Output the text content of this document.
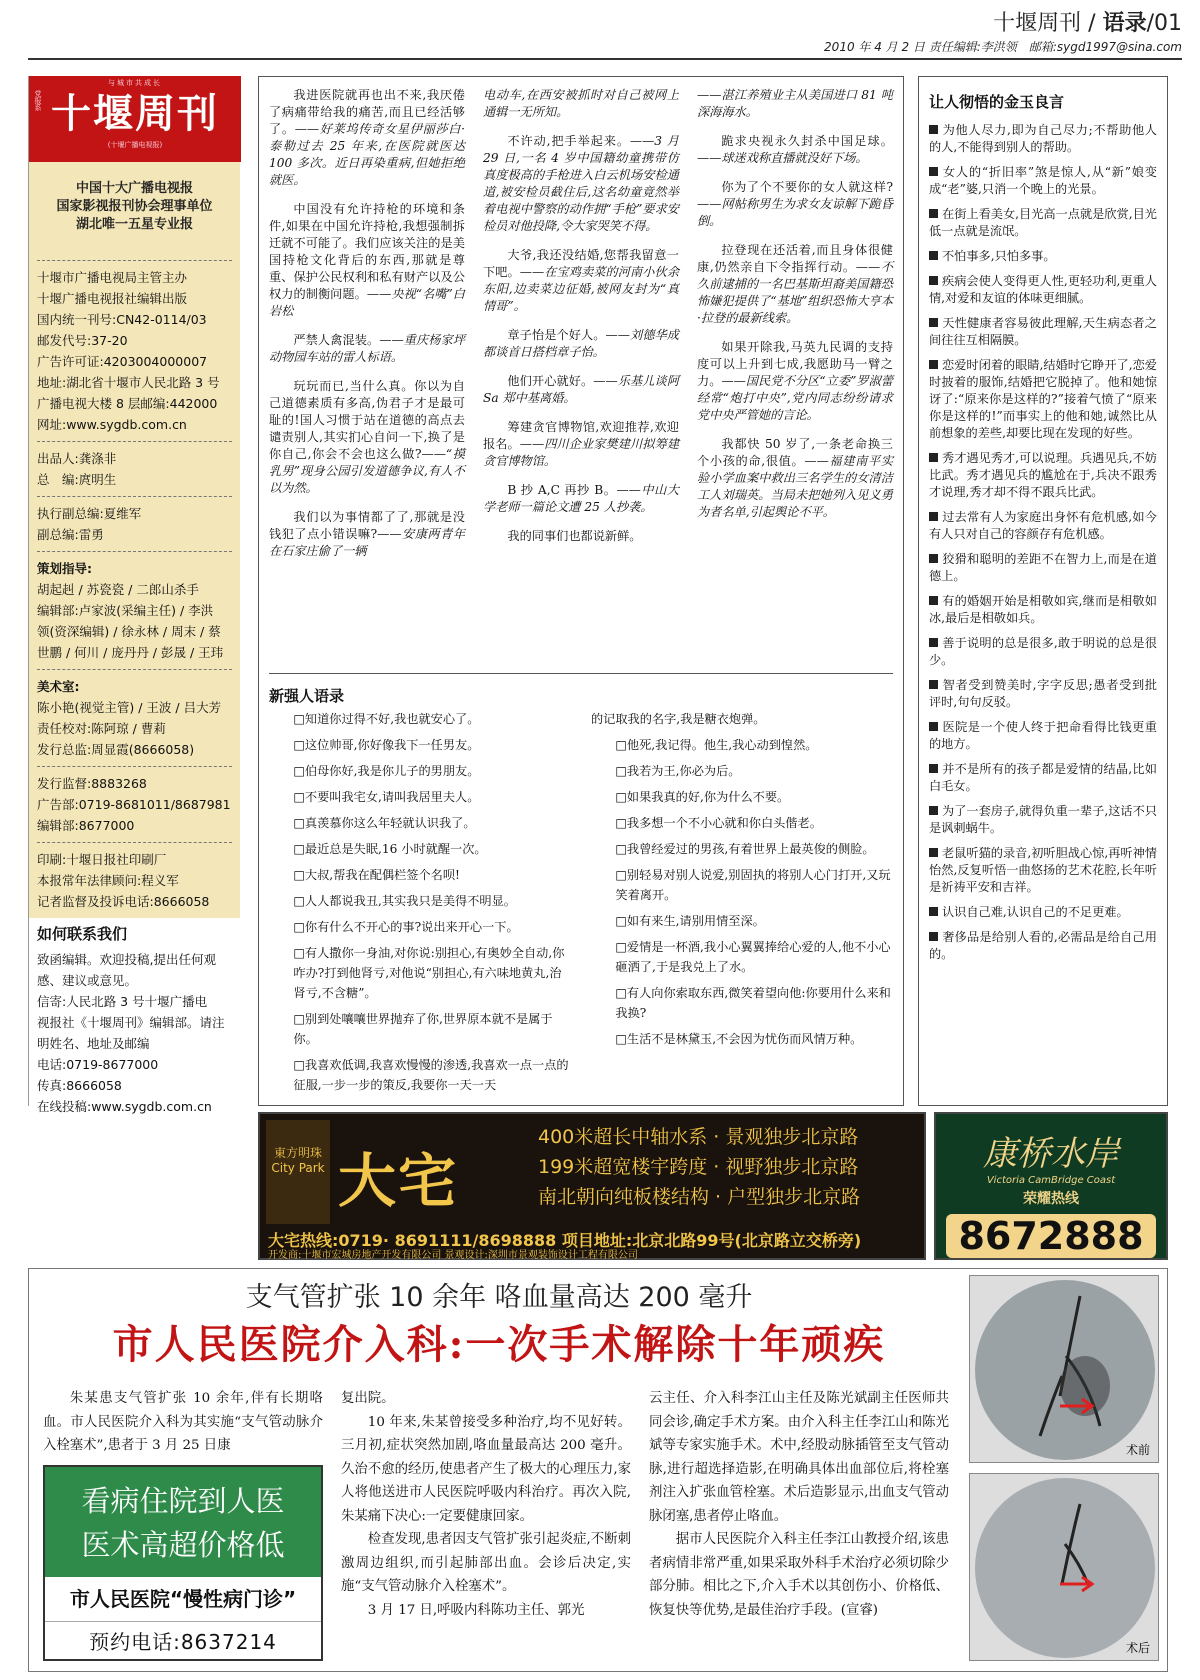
十堰周刊 / 语录/01
2010 年 4 月 2 日 责任编辑:李洪领　 邮箱:sygd1997@sina.com
与城市共成长
党报系 十堰周刊
(十堰广播电视报)
中国十大广播电视报
国家影视报刊协会理事单位
湖北唯一五星专业报
十堰市广播电视局主管主办
十堰广播电视报社编辑出版
国内统一刊号:CN42-0114/03
邮发代号:37-20
广告许可证:4203004000007
地址:湖北省十堰市人民北路 3 号
广播电视大楼 8 层邮编:442000
网址:www.sygdb.com.cn
出品人:龚涤非
总　编:庹明生
执行副总编:夏维军
副总编:雷勇
策划指导:
胡起赳 / 苏瓷瓷 / 二郎山杀手
编辑部:卢家波(采编主任) / 李洪
领(资深编辑) / 徐永林 / 周末 / 蔡
世鹏 / 何川 / 庞丹丹 / 彭晟 / 王玮
美术室:
陈小艳(视觉主管) / 王波 / 吕大芳
责任校对:陈阿琼 / 曹莉
发行总监:周显霞(8666058)
发行监督:8883268
广告部:0719-8681011/8687981
编辑部:8677000
印刷:十堰日报社印刷厂
本报常年法律顾问:程义军
记者监督及投诉电话:8666058
如何联系我们
致函编辑。欢迎投稿,提出任何观
感、建议或意见。
信寄:人民北路 3 号十堰广播电
视报社《十堰周刊》编辑部。请注
明姓名、地址及邮编
电话:0719-8677000
传真:8666058
在线投稿:www.sygdb.com.cn

我进医院就再也出不来,我厌倦了病痛带给我的痛苦,而且已经活够了。——好莱坞传奇女星伊丽莎白·泰勒过去 25 年来,在医院就医达 100 多次。近日再染重病,但她拒绝就医。

中国没有允许持枪的环境和条件,如果在中国允许持枪,我想强制拆迁就不可能了。我们应该关注的是美国持枪文化背后的东西,那就是尊重、保护公民权利和私有财产以及公权力的制衡问题。——央视“名嘴”白岩松

严禁人禽混装。——重庆杨家坪动物园车站的雷人标语。

玩玩而已,当什么真。你以为自己道德素质有多高,伪君子才是最可耻的!国人习惯于站在道德的高点去谴责别人,其实扪心自问一下,换了是你自己,你会不会也这么做?——“摸乳男”现身公园引发道德争议,有人不以为然。

我们以为事情都了了,那就是没钱犯了点小错误嘛?——安康两青年在石家庄偷了一辆

电动车,在西安被抓时对自己被网上通辑一无所知。

不许动,把手举起来。——3 月 29 日,一名 4 岁中国籍幼童携带仿真度极高的手枪进入白云机场安检通道,被安检员截住后,这名幼童竟然举着电视中警察的动作拥“手枪”要求安检员对他投降,令大家哭笑不得。

大爷,我还没结婚,您帮我留意一下吧。——在宝鸡卖菜的河南小伙余东阳,边卖菜边征婚,被网友封为“真情哥”。

章子怡是个好人。——刘德华成都谈首日搭档章子怡。

他们开心就好。——乐基儿谈阿 Sa 郑中基离婚。

筹建贪官博物馆,欢迎推荐,欢迎报名。——四川企业家樊建川拟筹建贪官博物馆。

B 抄 A,C 再抄 B。——中山大学老师一篇论文遭 25 人抄袭。

我的同事们也都说新鲜。

——湛江养殖业主从美国进口 81 吨深海海水。

跪求央视永久封杀中国足球。——球迷戏称直播就没好下场。

你为了个不要你的女人就这样?——网帖称男生为求女友谅解下跪昏倒。

拉登现在还活着,而且身体很健康,仍然亲自下令指挥行动。——不久前逮捕的一名巴基斯坦裔美国籍恐怖嫌犯提供了“基地”组织恐怖大亨本·拉登的最新线索。

如果开除我,马英九民调的支持度可以上升到七成,我愿助马一臂之力。——国民党不分区“立委”罗淑蕾经常“炮打中央”,党内同志纷纷请求党中央严管她的言论。

我都快 50 岁了,一条老命换三个小孩的命,很值。——福建南平实验小学血案中救出三名学生的女清洁工人刘瑞英。当局未把她列入见义勇为者名单,引起舆论不平。

新强人语录

□知道你过得不好,我也就安心了。

□这位帅哥,你好像我下一任男友。

□伯母你好,我是你儿子的男朋友。

□不要叫我宅女,请叫我居里夫人。

□真羡慕你这么年轻就认识我了。

□最近总是失眠,16 小时就醒一次。

□大叔,帮我在配偶栏签个名呗!

□人人都说我丑,其实我只是美得不明显。

□你有什么不开心的事?说出来开心一下。

□有人撒你一身油,对你说:别担心,有奥妙全自动,你咋办?打到他肾亏,对他说“别担心,有六味地黄丸,治肾亏,不含糖”。

□别到处嚷嚷世界抛弃了你,世界原本就不是属于你。

□我喜欢低调,我喜欢慢慢的渗透,我喜欢一点一点的征服,一步一步的策反,我要你一天一天

的记取我的名字,我是糖衣炮弹。

□他死,我记得。他生,我心动到惶然。

□我若为王,你必为后。

□如果我真的好,你为什么不要。

□我多想一个不小心就和你白头偕老。

□我曾经爱过的男孩,有着世界上最英俊的侧脸。

□别轻易对别人说爱,别固执的将别人心门打开,又玩笑着离开。

□如有来生,请别用情至深。

□爱情是一杯酒,我小心翼翼捧给心爱的人,他不小心砸洒了,于是我兑上了水。

□有人向你索取东西,微笑着望向他:你要用什么来和我换?

□生活不是林黛玉,不会因为忧伤而风情万种。

让人彻悟的金玉良言

为他人尽力,即为自己尽力;不帮助他人的人,不能得到别人的帮助。

女人的“折旧率”煞是惊人,从“新”娘变成“老”婆,只消一个晚上的光景。

在街上看美女,目光高一点就是欣赏,目光低一点就是流氓。

不怕事多,只怕多事。

疾病会使人变得更人性,更轻功利,更重人情,对爱和友谊的体味更细腻。

天性健康者容易彼此理解,天生病态者之间往往互相隔膜。

恋爱时闭着的眼睛,结婚时它睁开了,恋爱时披着的服饰,结婚把它脱掉了。他和她惊讶了:“原来你是这样的?”接着气愤了“原来你是这样的!”而事实上的他和她,诚然比从前想象的差些,却要比现在发现的好些。

秀才遇见秀才,可以说理。兵遇见兵,不妨比武。秀才遇见兵的尴尬在于,兵决不跟秀才说理,秀才却不得不跟兵比武。

过去常有人为家庭出身怀有危机感,如今有人只对自己的容颜存有危机感。

狡猾和聪明的差距不在智力上,而是在道德上。

有的婚姻开始是相敬如宾,继而是相敬如冰,最后是相敬如兵。

善于说明的总是很多,敢于明说的总是很少。

智者受到赞美时,字字反思;愚者受到批评时,句句反驳。

医院是一个使人终于把命看得比钱更重的地方。

并不是所有的孩子都是爱情的结晶,比如白毛女。

为了一套房子,就得负重一辈子,这话不只是讽刺蜗牛。

老鼠听猫的录音,初听胆战心惊,再听神情怡然,反复听悟一曲悠扬的艺术花腔,长年听是祈祷平安和吉祥。

认识自己难,认识自己的不足更难。

奢侈品是给别人看的,必需品是给自己用的。

東方明珠 City Park 大宅
400米超长中轴水系 · 景观独步北京路
199米超宽楼宇跨度 · 视野独步北京路
南北朝向纯板楼结构 · 户型独步北京路
大宅热线:0719· 8691111/8698888 项目地址:北京北路99号(北京路立交桥旁)
开发商:十堰市宏城房地产开发有限公司 景观设计:深圳市景观装饰设计工程有限公司
康桥水岸
Victoria CamBridge Coast
荣耀热线
8672888
支气管扩张 10 余年 咯血量高达 200 毫升
市人民医院介入科:一次手术解除十年顽疾

朱某患支气管扩张 10 余年,伴有长期咯血。市人民医院介入科为其实施“支气管动脉介入栓塞术”,患者于 3 月 25 日康

看病住院到人医
医术高超价格低
市人民医院“慢性病门诊”
预约电话:8637214

复出院。

10 年来,朱某曾接受多种治疗,均不见好转。三月初,症状突然加剧,咯血量最高达 200 毫升。久治不愈的经历,使患者产生了极大的心理压力,家人将他送进市人民医院呼吸内科治疗。再次入院,朱某痛下决心:一定要健康回家。

检查发现,患者因支气管扩张引起炎症,不断刺激周边组织,而引起肺部出血。会诊后决定,实施“支气管动脉介入栓塞术”。

3 月 17 日,呼吸内科陈功主任、郭光

云主任、介入科李江山主任及陈光斌副主任医师共同会诊,确定手术方案。由介入科主任李江山和陈光斌等专家实施手术。术中,经股动脉插管至支气管动脉,进行超选择造影,在明确具体出血部位后,将栓塞剂注入扩张血管栓塞。术后造影显示,出血支气管动脉闭塞,患者停止咯血。

据市人民医院介入科主任李江山教授介绍,该患者病情非常严重,如果采取外科手术治疗必须切除少部分肺。相比之下,介入手术以其创伤小、价格低、恢复快等优势,是最佳治疗手段。(宣睿)

术前
术后
